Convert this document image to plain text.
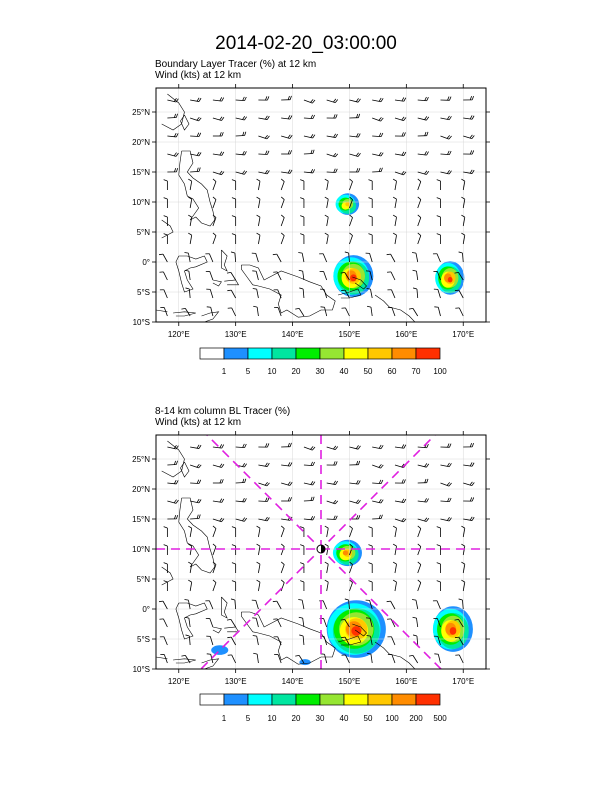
2014-02-20_03:00:00
Boundary Layer Tracer (%) at 12 km
Wind (kts) at 12 km
8-14 km column BL Tracer (%)
Wind (kts) at 12 km
120°E	130°E	140°E	150°E	160°E	170°E
25°N
20°N
15°N
10°N
5°N
0°
5°S
10°S
1 5 10 20 30 40 50 60 70 100
120°E	130°E	140°E	150°E	160°E	170°E
25°N
20°N
15°N
10°N
5°N
0°
5°S
10°S
1 5 10 20 30 40 50 100 200 500
